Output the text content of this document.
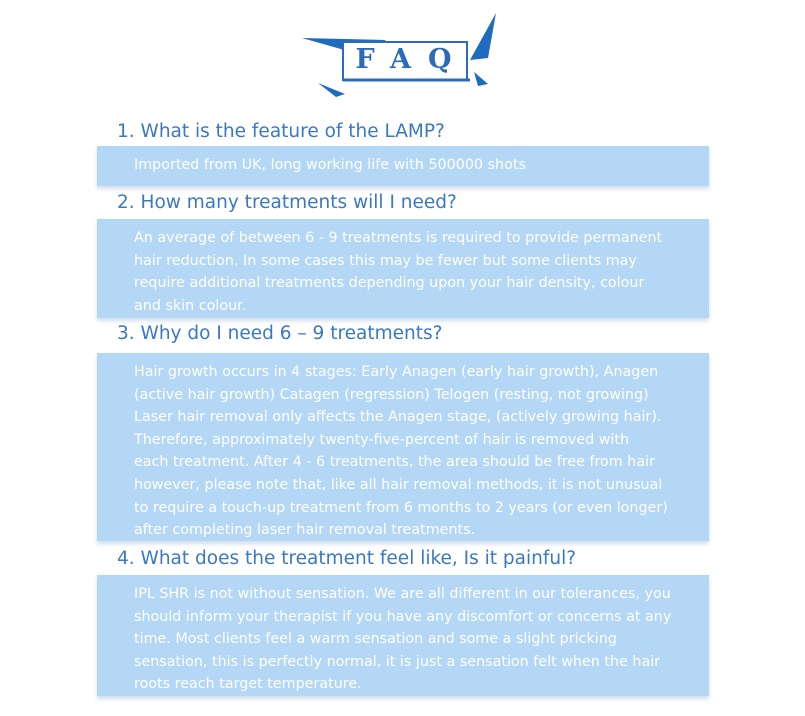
FAQ
1. What is the feature of the LAMP?

Imported from UK, long working life with 500000 shots

2. How many treatments will I need?

An average of between 6 - 9 treatments is required to provide permanent

hair reduction. In some cases this may be fewer but some clients may

require additional treatments depending upon your hair density, colour

and skin colour.

3. Why do I need 6 – 9 treatments?

Hair growth occurs in 4 stages: Early Anagen (early hair growth), Anagen

(active hair growth) Catagen (regression) Telogen (resting, not growing)

Laser hair removal only affects the Anagen stage, (actively growing hair).

Therefore, approximately twenty-five-percent of hair is removed with

each treatment. After 4 - 6 treatments, the area should be free from hair

however, please note that, like all hair removal methods, it is not unusual

to require a touch-up treatment from 6 months to 2 years (or even longer)

after completing laser hair removal treatments.

4. What does the treatment feel like, Is it painful?

IPL SHR is not without sensation. We are all different in our tolerances, you

should inform your therapist if you have any discomfort or concerns at any

time. Most clients feel a warm sensation and some a slight pricking

sensation, this is perfectly normal, it is just a sensation felt when the hair

roots reach target temperature.
